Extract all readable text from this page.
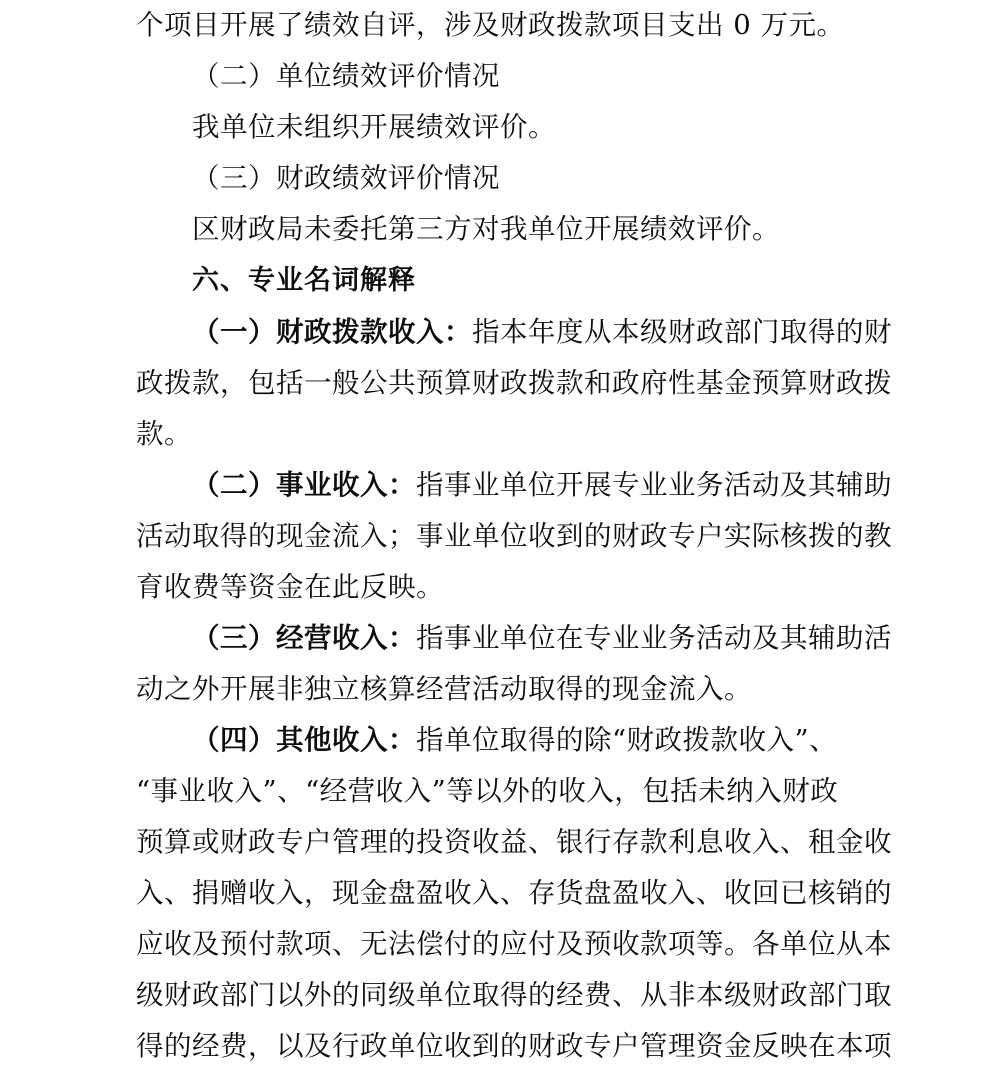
个项目开展了绩效自评，涉及财政拨款项目支出 0 万元。
（二）单位绩效评价情况
我单位未组织开展绩效评价。
（三）财政绩效评价情况
区财政局未委托第三方对我单位开展绩效评价。
六、专业名词解释
（一）财政拨款收入：指本年度从本级财政部门取得的财
政拨款，包括一般公共预算财政拨款和政府性基金预算财政拨
款。
（二）事业收入：指事业单位开展专业业务活动及其辅助
活动取得的现金流入；事业单位收到的财政专户实际核拨的教
育收费等资金在此反映。
（三）经营收入：指事业单位在专业业务活动及其辅助活
动之外开展非独立核算经营活动取得的现金流入。
（四）其他收入：指单位取得的除“财政拨款收入”、
“事业收入”、“经营收入”等以外的收入，包括未纳入财政
预算或财政专户管理的投资收益、银行存款利息收入、租金收
入、捐赠收入，现金盘盈收入、存货盘盈收入、收回已核销的
应收及预付款项、无法偿付的应付及预收款项等。各单位从本
级财政部门以外的同级单位取得的经费、从非本级财政部门取
得的经费，以及行政单位收到的财政专户管理资金反映在本项
